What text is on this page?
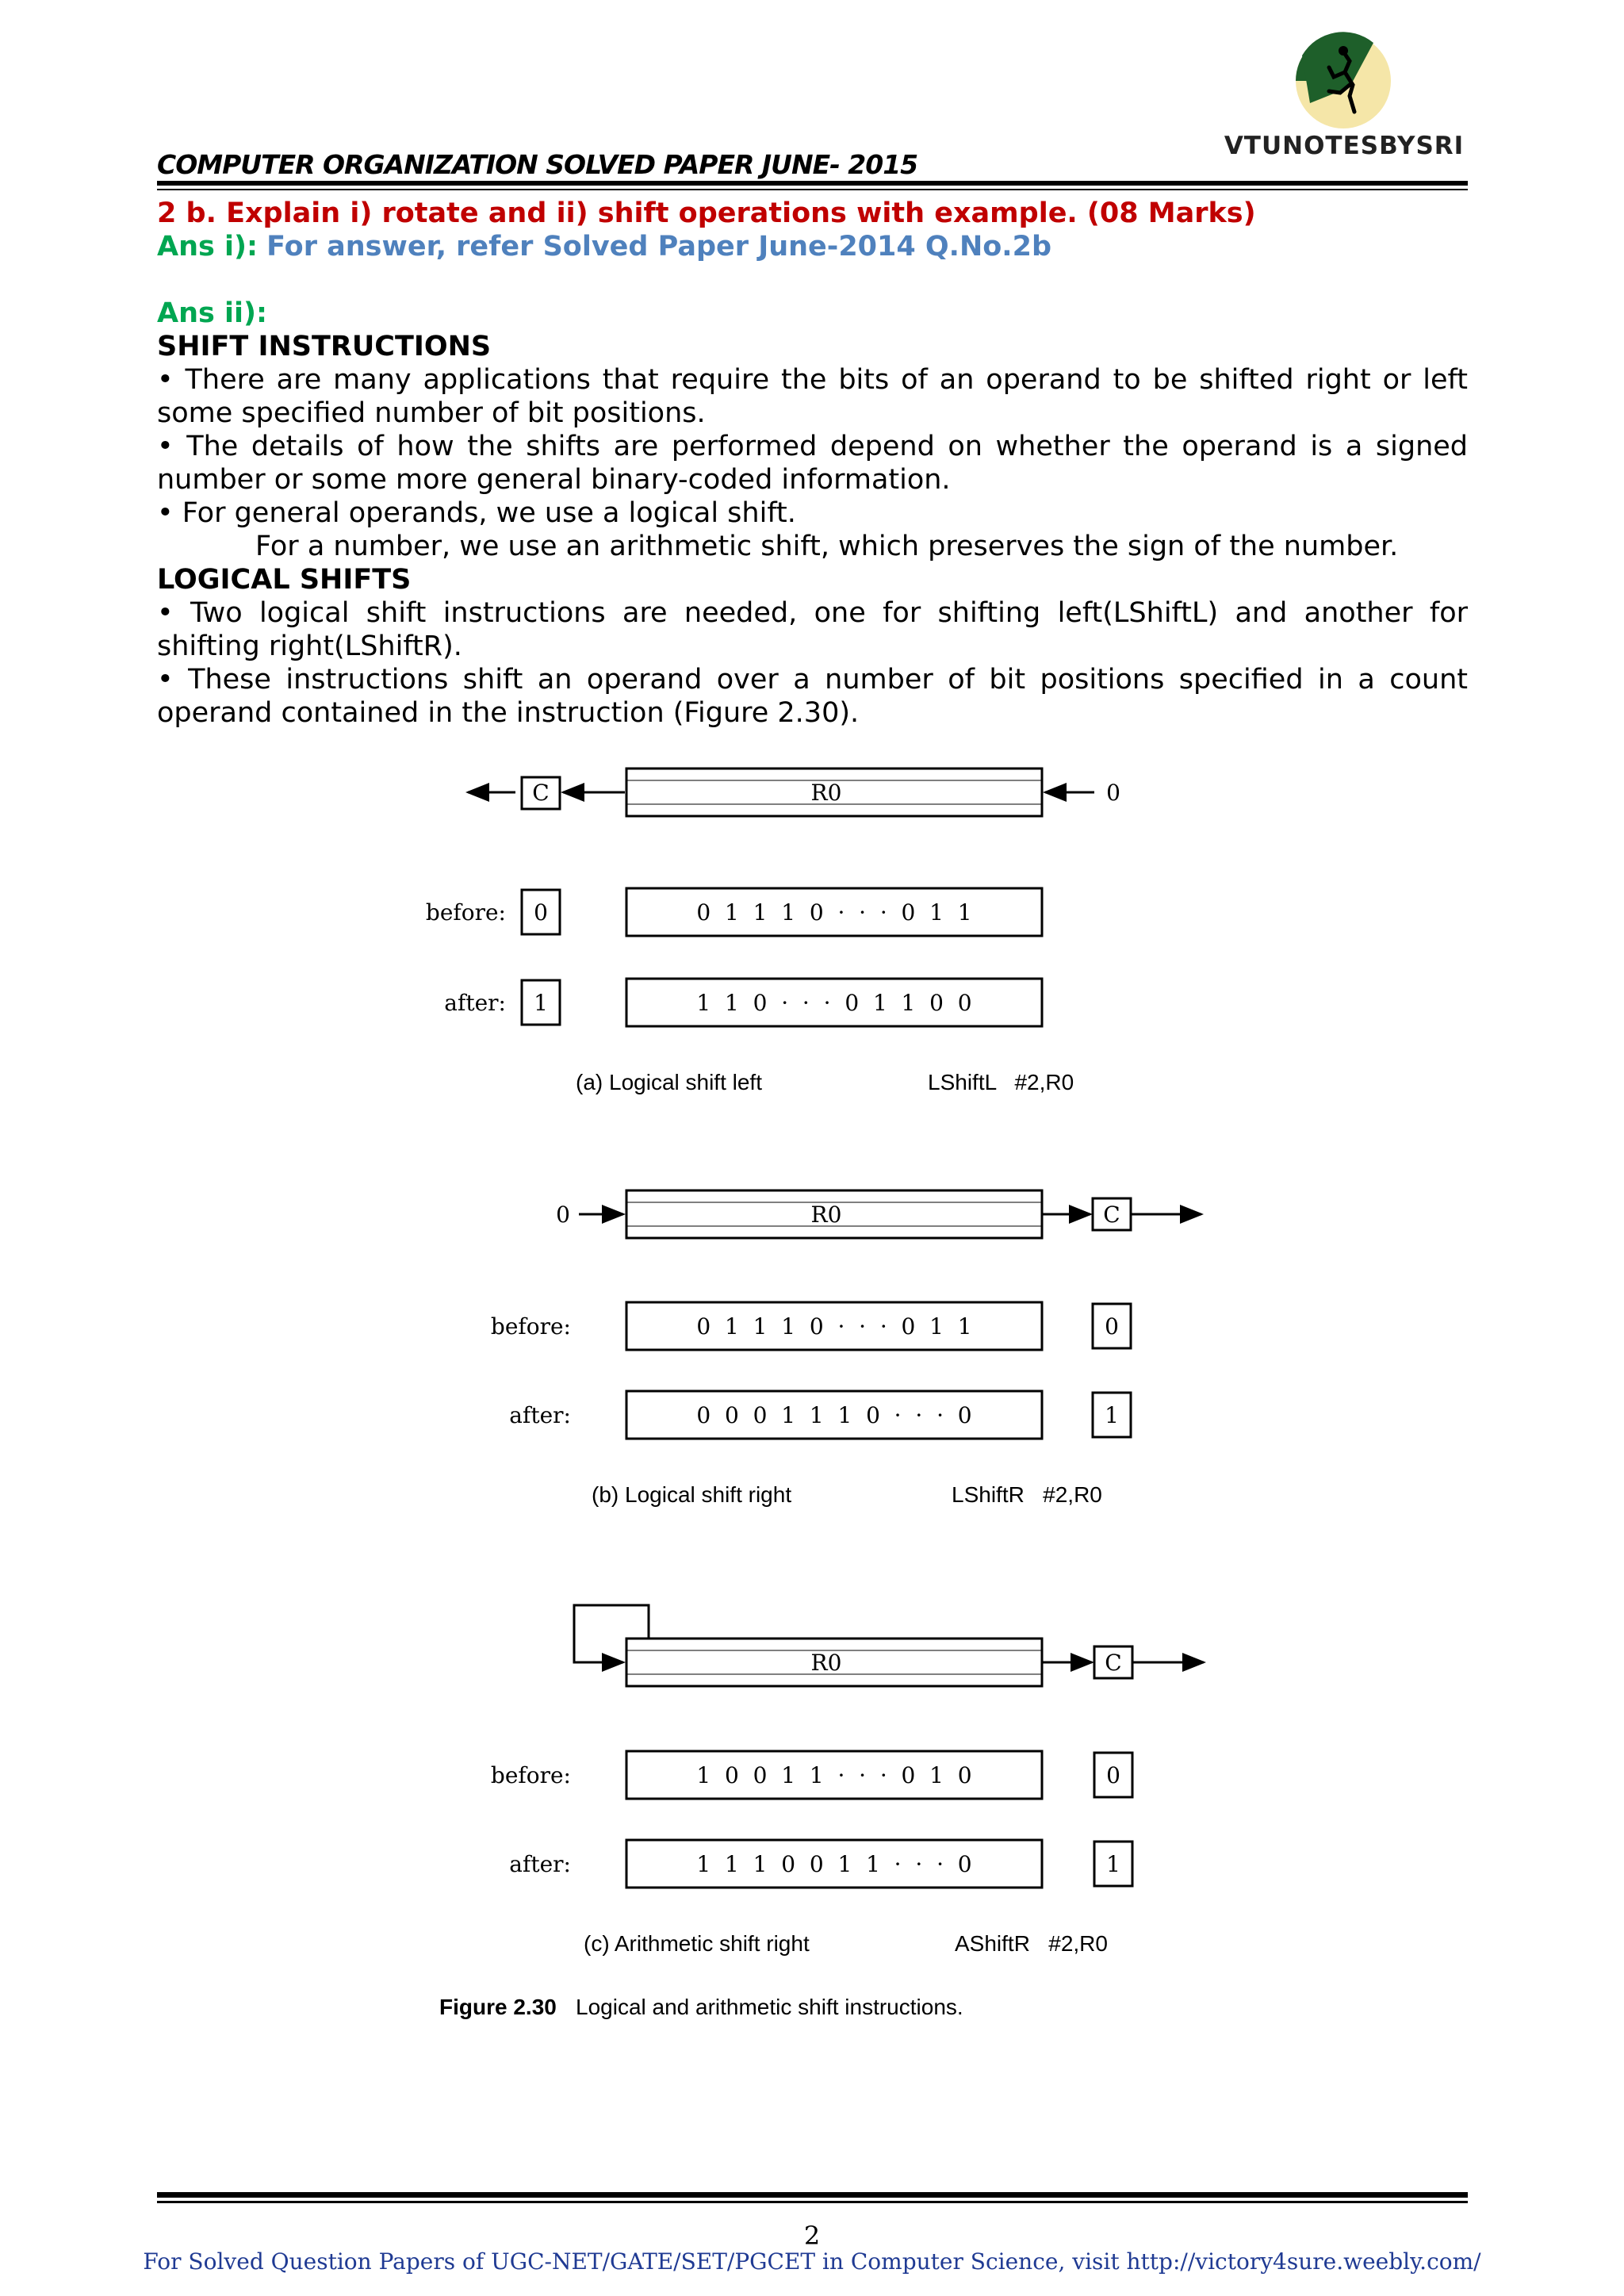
VTUNOTESBYSRI
COMPUTER ORGANIZATION SOLVED PAPER JUNE- 2015

2 b. Explain i) rotate and ii) shift operations with example. (08 Marks)

Ans i): For answer, refer Solved Paper June-2014 Q.No.2b

Ans ii):

SHIFT INSTRUCTIONS

• There are many applications that require the bits of an operand to be shifted right or left some specified number of bit positions.

• The details of how the shifts are performed depend on whether the operand is a signed number or some more general binary-coded information.

• For general operands, we use a logical shift.

For a number, we use an arithmetic shift, which preserves the sign of the number.

LOGICAL SHIFTS

• Two logical shift instructions are needed, one for shifting left(LShiftL) and another for shifting right(LShiftR).

• These instructions shift an operand over a number of bit positions specified in a count operand contained in the instruction (Figure 2.30).

C	R0	0
before: 0	0  1  1  1  0  ·  ·  ·  0  1  1
after: 1	1  1  0  ·  ·  ·  0  1  1  0  0
(a) Logical shift left	LShiftL   #2,R0
0	R0	C
before:	0  1  1  1  0  ·  ·  ·  0  1  1	0
after:	0  0  0  1  1  1  0  ·  ·  ·  0	1
(b) Logical shift right	LShiftR   #2,R0
R0	C
before:	1  0  0  1  1  ·  ·  ·  0  1  0	0
after:	1  1  1  0  0  1  1  ·  ·  ·  0	1
(c) Arithmetic shift right	AShiftR   #2,R0
Figure 2.30 Logical and arithmetic shift instructions.
2
For Solved Question Papers of UGC-NET/GATE/SET/PGCET in Computer Science, visit http://victory4sure.weebly.com/
